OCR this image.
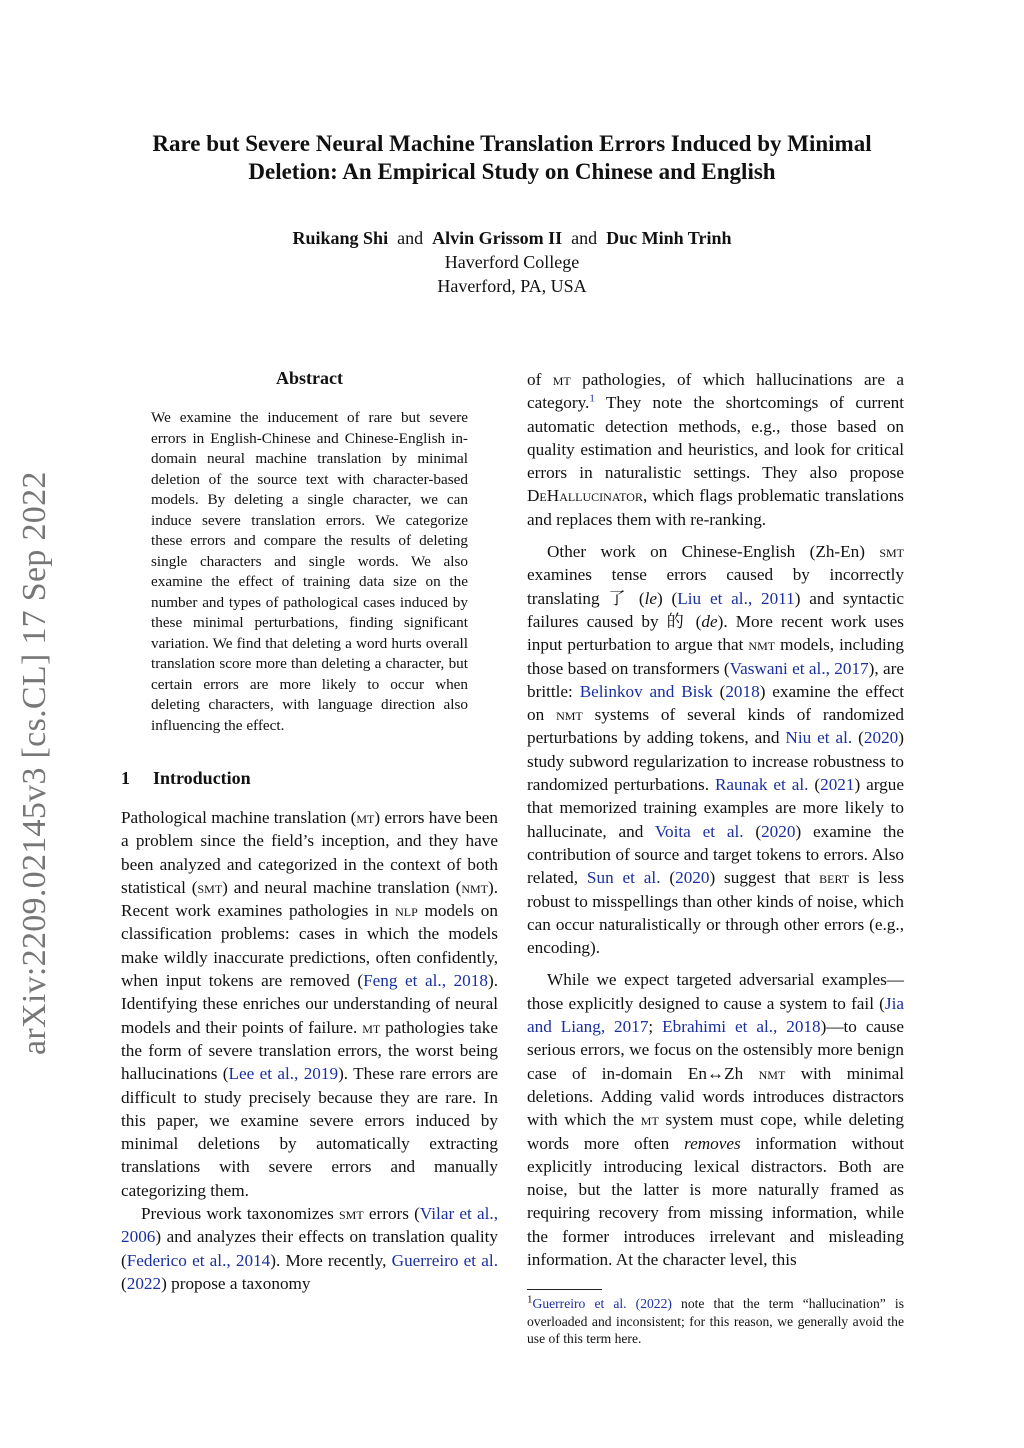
Rare but Severe Neural Machine Translation Errors Induced by Minimal
Deletion: An Empirical Study on Chinese and English
Ruikang Shi and Alvin Grissom II and Duc Minh Trinh
Haverford College
Haverford, PA, USA
arXiv:2209.02145v3 [cs.CL] 17 Sep 2022
Abstract

We examine the inducement of rare but severe errors in English-Chinese and Chinese-English in-domain neural machine translation by minimal deletion of the source text with character-based models. By deleting a single character, we can induce severe translation errors. We categorize these errors and compare the results of deleting single characters and single words. We also examine the effect of training data size on the number and types of pathological cases induced by these minimal perturbations, finding significant variation. We find that deleting a word hurts overall translation score more than deleting a character, but certain errors are more likely to occur when deleting characters, with language direction also influencing the effect.

1 Introduction

Pathological machine translation (mt) errors have been a problem since the field’s inception, and they have been analyzed and categorized in the context of both statistical (smt) and neural machine translation (nmt). Recent work examines pathologies in nlp models on classification problems: cases in which the models make wildly inaccurate predictions, often confidently, when input tokens are removed (Feng et al., 2018). Identifying these enriches our understanding of neural models and their points of failure. mt pathologies take the form of severe translation errors, the worst being hallucinations (Lee et al., 2019). These rare errors are difficult to study precisely because they are rare. In this paper, we examine severe errors induced by minimal deletions by automatically extracting translations with severe errors and manually categorizing them.

Previous work taxonomizes smt errors (Vilar et al., 2006) and analyzes their effects on translation quality (Federico et al., 2014). More recently, Guerreiro et al. (2022) propose a taxonomy

of mt pathologies, of which hallucinations are a category.$^1$ They note the shortcomings of current automatic detection methods, e.g., those based on quality estimation and heuristics, and look for critical errors in naturalistic settings. They also propose DeHallucinator, which flags problematic translations and replaces them with re-ranking.

Other work on Chinese-English (Zh-En) smt examines tense errors caused by incorrectly translating 了 (le) (Liu et al., 2011) and syntactic failures caused by 的 (de). More recent work uses input perturbation to argue that nmt models, including those based on transformers (Vaswani et al., 2017), are brittle: Belinkov and Bisk (2018) examine the effect on nmt systems of several kinds of randomized perturbations by adding tokens, and Niu et al. (2020) study subword regularization to increase robustness to randomized perturbations. Raunak et al. (2021) argue that memorized training examples are more likely to hallucinate, and Voita et al. (2020) examine the contribution of source and target tokens to errors. Also related, Sun et al. (2020) suggest that bert is less robust to misspellings than other kinds of noise, which can occur naturalistically or through other errors (e.g., encoding).

While we expect targeted adversarial examples—those explicitly designed to cause a system to fail (Jia and Liang, 2017; Ebrahimi et al., 2018)—to cause serious errors, we focus on the ostensibly more benign case of in-domain En↔Zh nmt with minimal deletions. Adding valid words introduces distractors with which the mt system must cope, while deleting words more often removes information without explicitly introducing lexical distractors. Both are noise, but the latter is more naturally framed as requiring recovery from missing information, while the former introduces irrelevant and misleading information. At the character level, this

$^1$Guerreiro et al. (2022) note that the term “hallucination” is overloaded and inconsistent; for this reason, we generally avoid the use of this term here.
